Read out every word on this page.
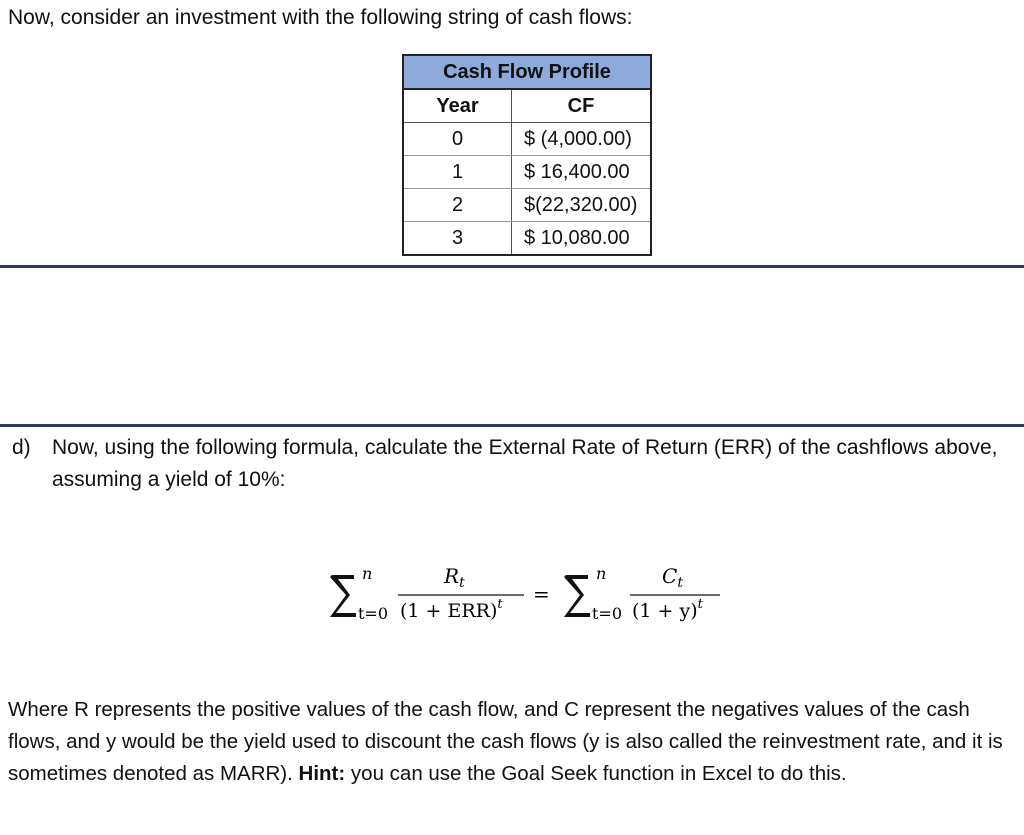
Now, consider an investment with the following string of cash flows:
Cash Flow Profile	
Year	CF
0	$ (4,000.00)
1	$ 16,400.00
2	$(22,320.00)
3	$ 10,080.00
d) Now, using the following formula, calculate the External Rate of Return (ERR) of the cashflows above, assuming a yield of 10%:
n
t=0
$R_t$
(1 + ERR)$^t$ =
n
t=0
$C_t$
$(1 + y)^t$
Where R represents the positive values of the cash flow, and C represent the negatives values of the cash flows, and y would be the yield used to discount the cash flows (y is also called the reinvestment rate, and it is sometimes denoted as MARR). Hint: you can use the Goal Seek function in Excel to do this.
